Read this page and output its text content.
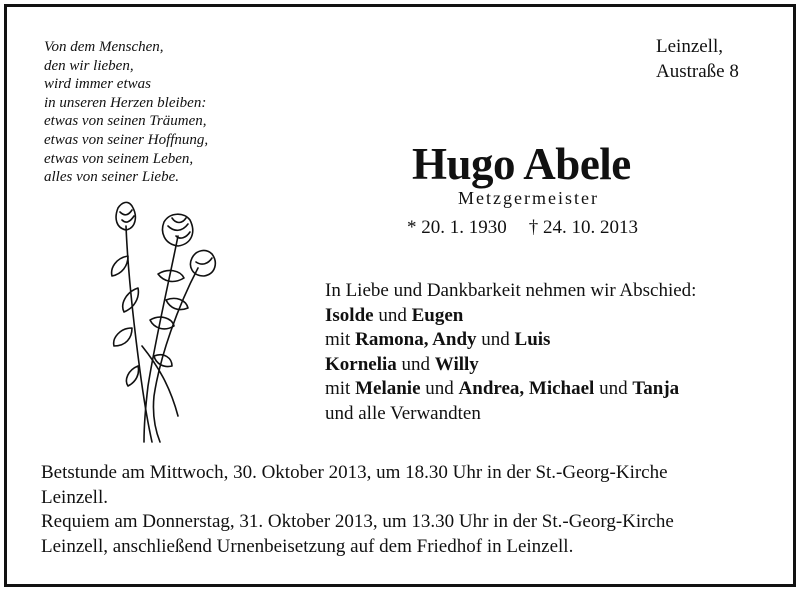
Von dem Menschen,
den wir lieben,
wird immer etwas
in unseren Herzen bleiben:
etwas von seinen Träumen,
etwas von seiner Hoffnung,
etwas von seinem Leben,
alles von seiner Liebe.
Leinzell,
Austraße 8
Hugo Abele
Metzgermeister
* 20. 1. 1930 † 24. 10. 2013
In Liebe und Dankbarkeit nehmen wir Abschied:
Isolde und Eugen
mit Ramona, Andy und Luis
Kornelia und Willy
mit Melanie und Andrea, Michael und Tanja
und alle Verwandten
Betstunde am Mittwoch, 30. Oktober 2013, um 18.30 Uhr in der St.-Georg-Kirche
Leinzell.
Requiem am Donnerstag, 31. Oktober 2013, um 13.30 Uhr in der St.-Georg-Kirche
Leinzell, anschließend Urnenbeisetzung auf dem Friedhof in Leinzell.
